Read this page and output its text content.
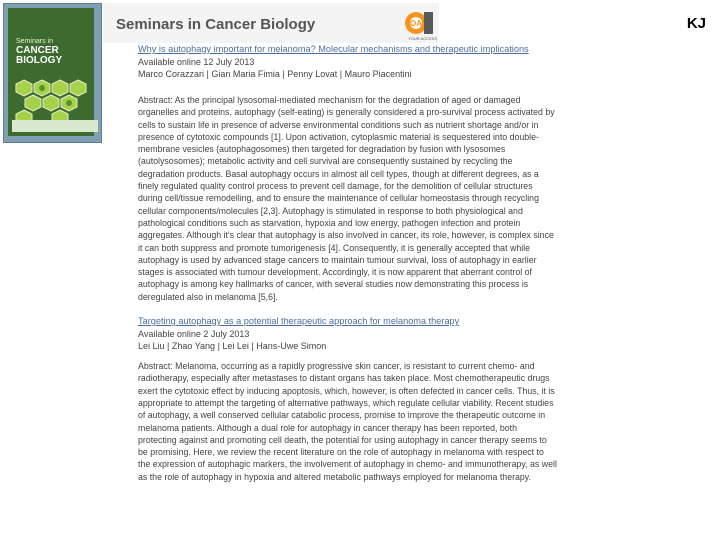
KJ
Seminars in
CANCER BIOLOGY

Seminars in Cancer Biology	OA
YOUR ACCESS
Why is autophagy important for melanoma? Molecular mechanisms and therapeutic implications
Available online 12 July 2013
Marco Corazzari | Gian Maria Fimia | Penny Lovat | Mauro Piacentini
Abstract: As the principal lysosomal-mediated mechanism for the degradation of aged or damaged organelles and proteins, autophagy (self-eating) is generally considered a pro-survival process activated by cells to sustain life in presence of adverse environmental conditions such as nutrient shortage and/or in presence of cytotoxic compounds [1]. Upon activation, cytoplasmic material is sequestered into double-membrane vesicles (autophagosomes) then targeted for degradation by fusion with lysosomes (autolysosomes); metabolic activity and cell survival are consequently sustained by recycling the degradation products. Basal autophagy occurs in almost all cell types, though at different degrees, as a finely regulated quality control process to prevent cell damage, for the demolition of cellular structures during cell/tissue remodelling, and to ensure the maintenance of cellular homeostasis through recycling cellular components/molecules [2,3]. Autophagy is stimulated in response to both physiological and pathological conditions such as starvation, hypoxia and low energy, pathogen infection and protein aggregates. Although it's clear that autophagy is also involved in cancer, its role, however, is complex since it can both suppress and promote tumorigenesis [4]. Consequently, it is generally accepted that while autophagy is used by advanced stage cancers to maintain tumour survival, loss of autophagy in earlier stages is associated with tumour development. Accordingly, it is now apparent that aberrant control of autophagy is among key hallmarks of cancer, with several studies now demonstrating this process is deregulated also in melanoma [5,6].
Targeting autophagy as a potential therapeutic approach for melanoma therapy
Available online 2 July 2013
Lei Liu | Zhao Yang | Lei Lei | Hans-Uwe Simon
Abstract: Melanoma, occurring as a rapidly progressive skin cancer, is resistant to current chemo- and radiotherapy, especially after metastases to distant organs has taken place. Most chemotherapeutic drugs exert the cytotoxic effect by inducing apoptosis, which, however, is often defected in cancer cells. Thus, it is appropriate to attempt the targeting of alternative pathways, which regulate cellular viability. Recent studies of autophagy, a well conserved cellular catabolic process, promise to improve the therapeutic outcome in melanoma patients. Although a dual role for autophagy in cancer therapy has been reported, both protecting against and promoting cell death, the potential for using autophagy in cancer therapy seems to be promising. Here, we review the recent literature on the role of autophagy in melanoma with respect to the expression of autophagic markers, the involvement of autophagy in chemo- and immunotherapy, as well as the role of autophagy in hypoxia and altered metabolic pathways employed for melanoma therapy.
